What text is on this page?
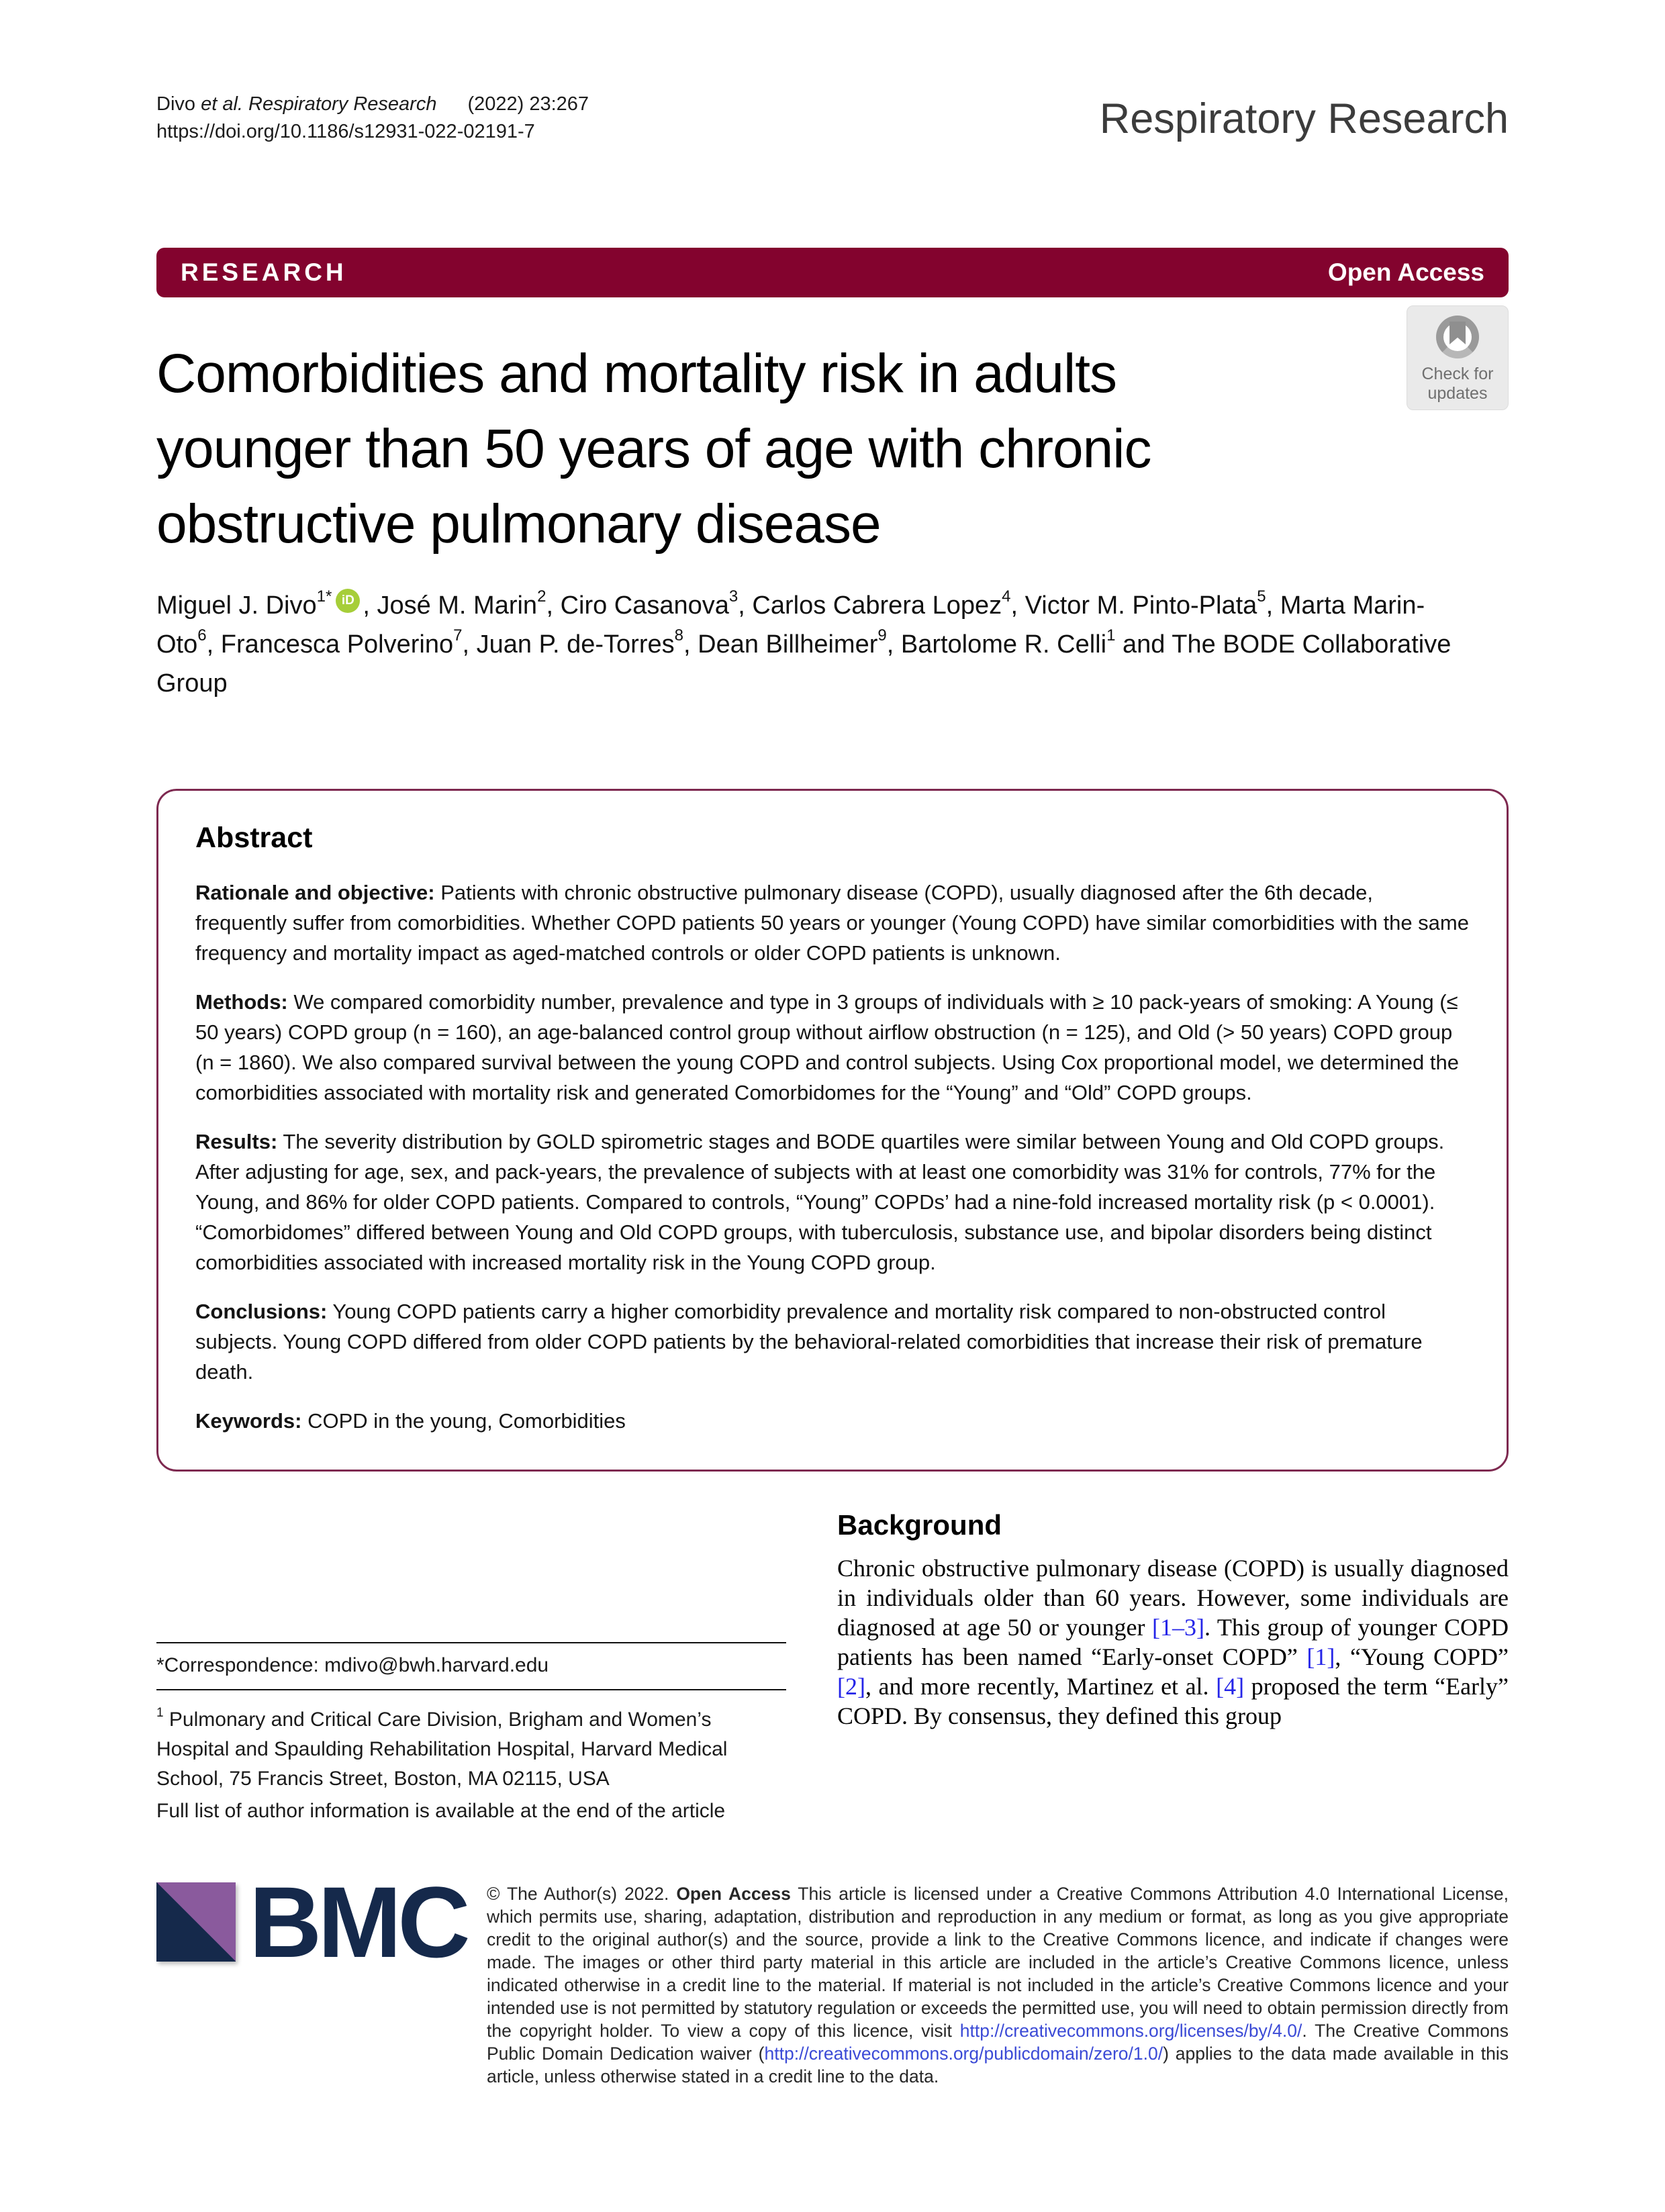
Divo et al. Respiratory Research (2022) 23:267
https://doi.org/10.1186/s12931-022-02191-7	Respiratory Research
RESEARCH	Open Access
Comorbidities and mortality risk in adults
younger than 50 years of age with chronic
obstructive pulmonary disease
Check for
updates
Miguel J. Divo$^{1*}$ iD , José M. Marin$^2$, Ciro Casanova$^3$, Carlos Cabrera Lopez$^4$, Victor M. Pinto-Plata$^5$, Marta Marin-Oto$^6$, Francesca Polverino$^7$, Juan P. de-Torres$^8$, Dean Billheimer$^9$, Bartolome R. Celli$^1$ and The BODE Collaborative Group
Abstract

Rationale and objective: Patients with chronic obstructive pulmonary disease (COPD), usually diagnosed after the 6th decade, frequently suffer from comorbidities. Whether COPD patients 50 years or younger (Young COPD) have similar comorbidities with the same frequency and mortality impact as aged-matched controls or older COPD patients is unknown.

Methods: We compared comorbidity number, prevalence and type in 3 groups of individuals with ≥ 10 pack-years of smoking: A Young (≤ 50 years) COPD group (n = 160), an age-balanced control group without airflow obstruction (n = 125), and Old (> 50 years) COPD group (n = 1860). We also compared survival between the young COPD and control subjects. Using Cox proportional model, we determined the comorbidities associated with mortality risk and generated Comorbidomes for the “Young” and “Old” COPD groups.

Results: The severity distribution by GOLD spirometric stages and BODE quartiles were similar between Young and Old COPD groups. After adjusting for age, sex, and pack-years, the prevalence of subjects with at least one comorbidity was 31% for controls, 77% for the Young, and 86% for older COPD patients. Compared to controls, “Young” COPDs’ had a nine-fold increased mortality risk (p < 0.0001). “Comorbidomes” differed between Young and Old COPD groups, with tuberculosis, substance use, and bipolar disorders being distinct comorbidities associated with increased mortality risk in the Young COPD group.

Conclusions: Young COPD patients carry a higher comorbidity prevalence and mortality risk compared to non-obstructed control subjects. Young COPD differed from older COPD patients by the behavioral-related comorbidities that increase their risk of premature death.

Keywords: COPD in the young, Comorbidities

*Correspondence: mdivo@bwh.harvard.edu

$^1$ Pulmonary and Critical Care Division, Brigham and Women’s Hospital and Spaulding Rehabilitation Hospital, Harvard Medical School, 75 Francis Street, Boston, MA 02115, USA

Full list of author information is available at the end of the article

Background

Chronic obstructive pulmonary disease (COPD) is usually diagnosed in individuals older than 60 years. However, some individuals are diagnosed at age 50 or younger [1–3]. This group of younger COPD patients has been named “Early-onset COPD” [1], “Young COPD” [2], and more recently, Martinez et al. [4] proposed the term “Early” COPD. By consensus, they defined this group

BMC © The Author(s) 2022. Open Access This article is licensed under a Creative Commons Attribution 4.0 International License, which permits use, sharing, adaptation, distribution and reproduction in any medium or format, as long as you give appropriate credit to the original author(s) and the source, provide a link to the Creative Commons licence, and indicate if changes were made. The images or other third party material in this article are included in the article’s Creative Commons licence, unless indicated otherwise in a credit line to the material. If material is not included in the article’s Creative Commons licence and your intended use is not permitted by statutory regulation or exceeds the permitted use, you will need to obtain permission directly from the copyright holder. To view a copy of this licence, visit http://creativecommons.org/licenses/by/4.0/. The Creative Commons Public Domain Dedication waiver (http://creativecommons.org/publicdomain/zero/1.0/) applies to the data made available in this article, unless otherwise stated in a credit line to the data.
